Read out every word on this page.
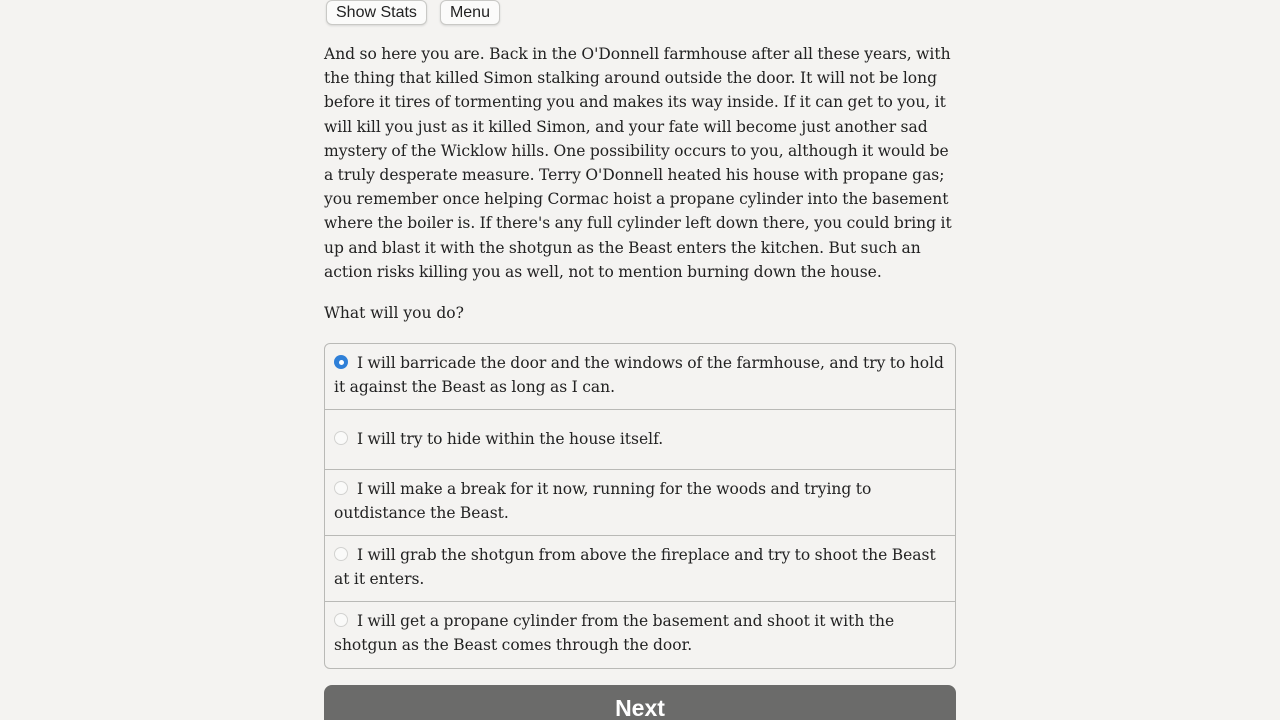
Show Stats	Menu

And so here you are. Back in the O'Donnell farmhouse after all these years, with the thing that killed Simon stalking around outside the door. It will not be long before it tires of tormenting you and makes its way inside. If it can get to you, it will kill you just as it killed Simon, and your fate will become just another sad mystery of the Wicklow hills. One possibility occurs to you, although it would be a truly desperate measure. Terry O'Donnell heated his house with propane gas; you remember once helping Cormac hoist a propane cylinder into the basement where the boiler is. If there's any full cylinder left down there, you could bring it up and blast it with the shotgun as the Beast enters the kitchen. But such an action risks killing you as well, not to mention burning down the house.

What will you do?

I will barricade the door and the windows of the farmhouse, and try to hold it against the Beast as long as I can.
I will try to hide within the house itself.
I will make a break for it now, running for the woods and trying to outdistance the Beast.
I will grab the shotgun from above the fireplace and try to shoot the Beast at it enters.
I will get a propane cylinder from the basement and shoot it with the shotgun as the Beast comes through the door.
Next
